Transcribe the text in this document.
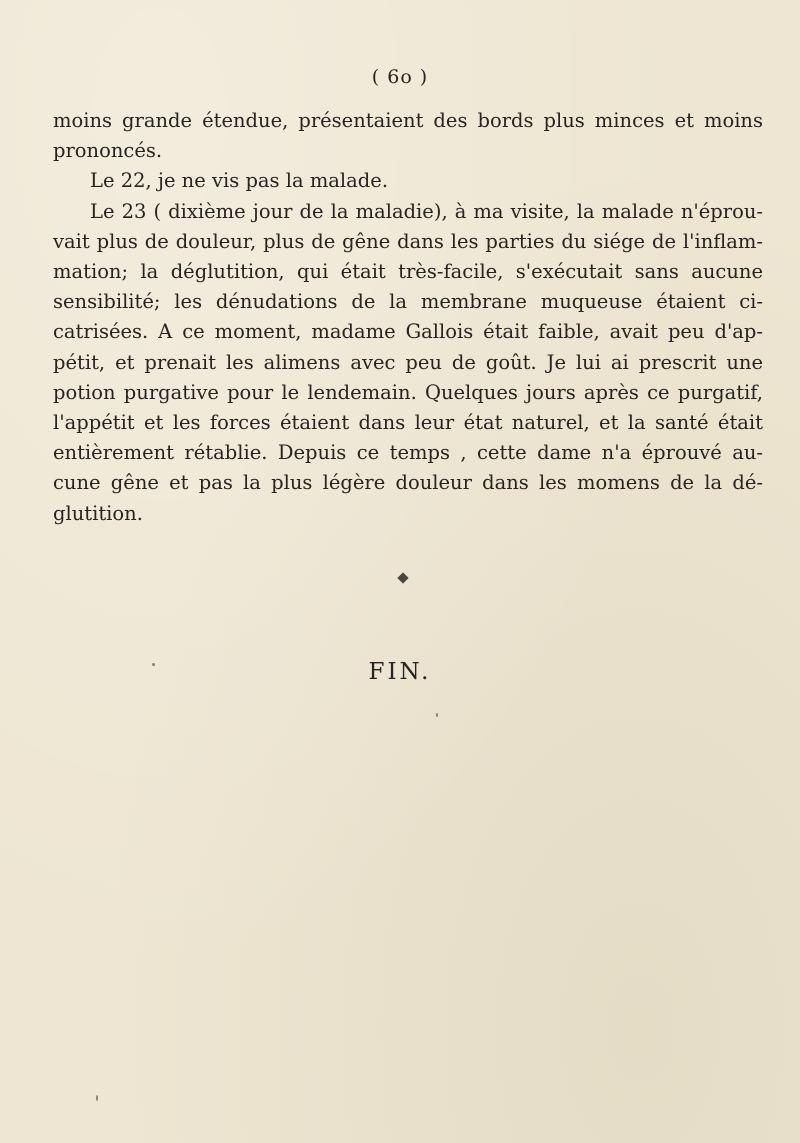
( 6o )
moins grande étendue, présentaient des bords plus minces et moins
prononcés.
Le 22, je ne vis pas la malade.
Le 23 ( dixième jour de la maladie), à ma visite, la malade n'éprou-
vait plus de douleur, plus de gêne dans les parties du siége de l'inflam-
mation; la déglutition, qui était très-facile, s'exécutait sans aucune
sensibilité; les dénudations de la membrane muqueuse étaient ci-
catrisées. A ce moment, madame Gallois était faible, avait peu d'ap-
pétit, et prenait les alimens avec peu de goût. Je lui ai prescrit une
potion purgative pour le lendemain. Quelques jours après ce purgatif,
l'appétit et les forces étaient dans leur état naturel, et la santé était
entièrement rétablie. Depuis ce temps , cette dame n'a éprouvé au-
cune gêne et pas la plus légère douleur dans les momens de la dé-
glutition.
FIN.
